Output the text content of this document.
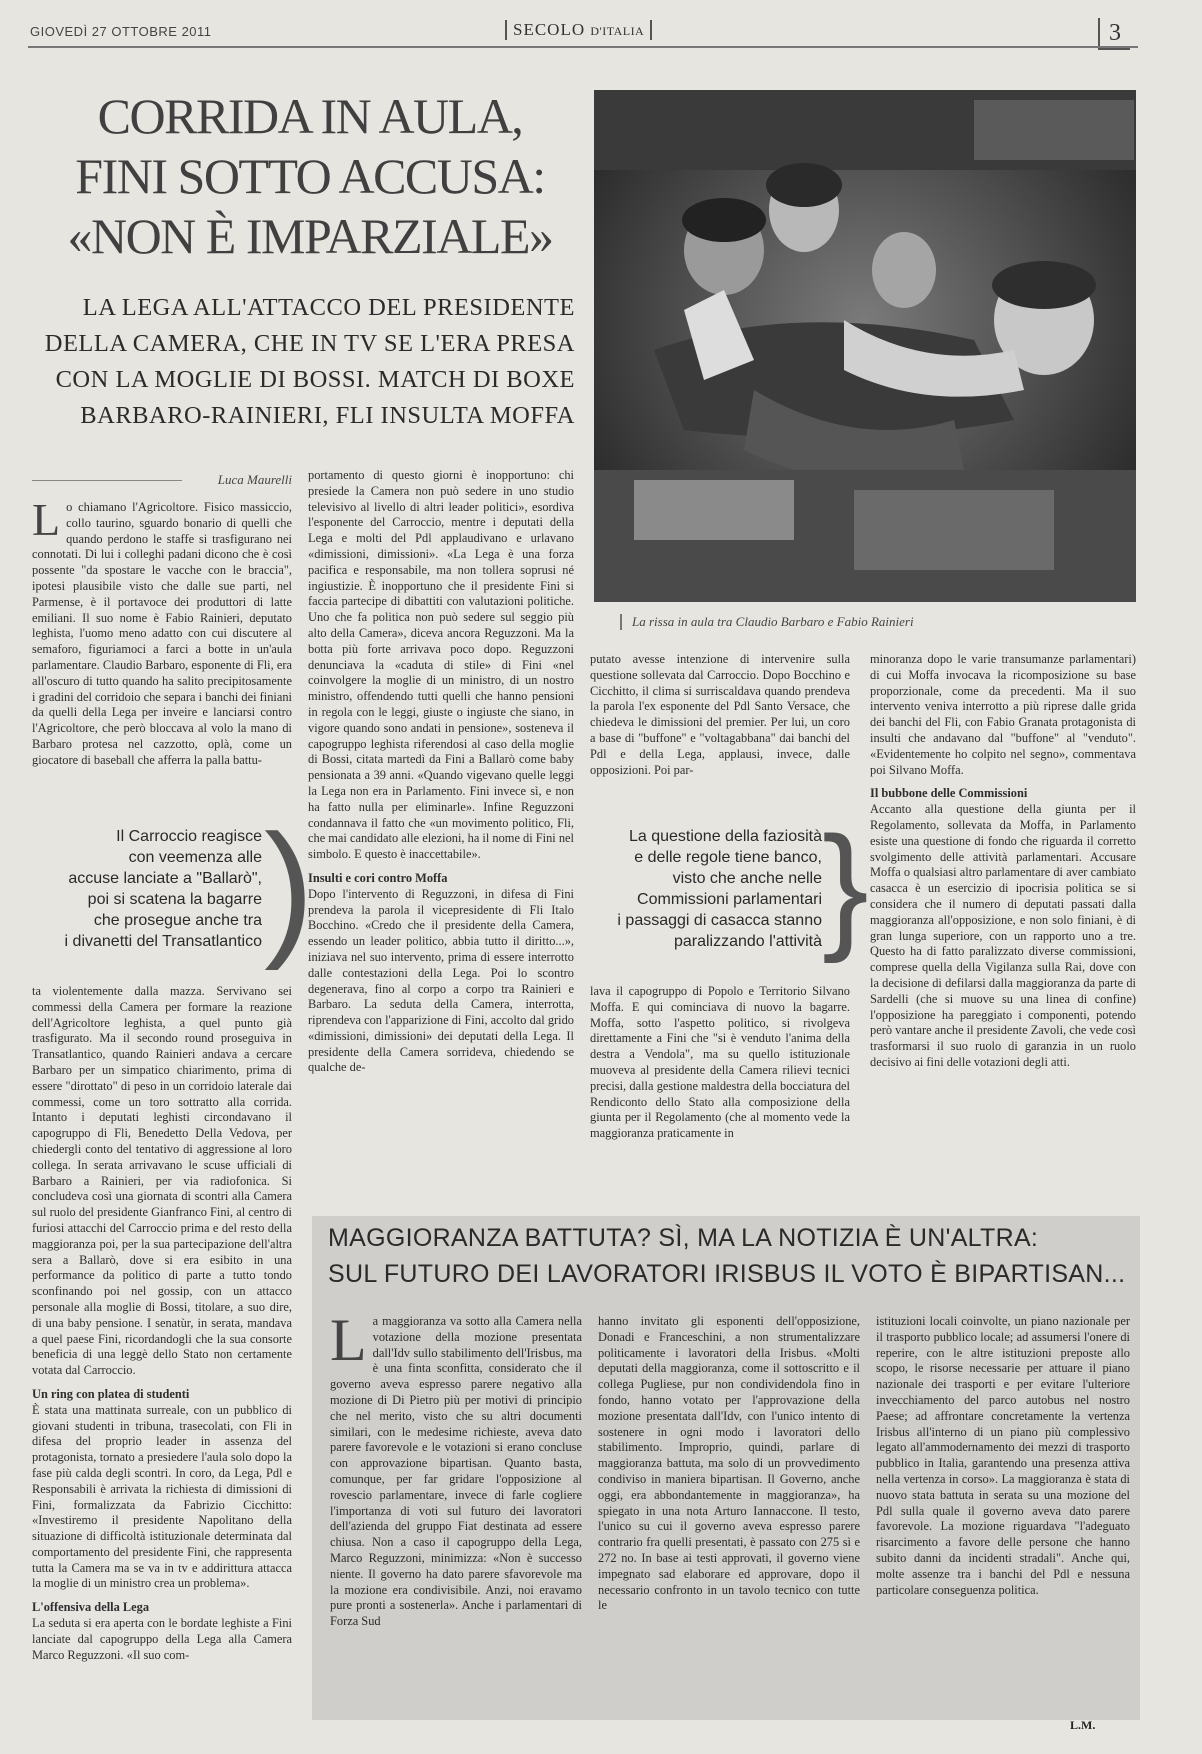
GIOVEDÌ 27 OTTOBRE 2011	SECOLO D'ITALIA	3
CORRIDA IN AULA,
FINI SOTTO ACCUSA:
«NON È IMPARZIALE»
LA LEGA ALL'ATTACCO DEL PRESIDENTE
DELLA CAMERA, CHE IN TV SE L'ERA PRESA
CON LA MOGLIE DI BOSSI. MATCH DI BOXE
BARBARO-RAINIERI, FLI INSULTA MOFFA
La rissa in aula tra Claudio Barbaro e Fabio Rainieri
Luca Maurelli

Lo chiamano l'Agricoltore. Fisico massiccio, collo taurino, sguardo bonario di quelli che quando perdono le staffe si trasfigurano nei connotati. Di lui i colleghi padani dicono che è così possente "da spostare le vacche con le braccia", ipotesi plausibile visto che dalle sue parti, nel Parmense, è il portavoce dei produttori di latte emiliani. Il suo nome è Fabio Rainieri, deputato leghista, l'uomo meno adatto con cui discutere al semaforo, figuriamoci a farci a botte in un'aula parlamentare. Claudio Barbaro, esponente di Fli, era all'oscuro di tutto quando ha salito precipitosamente i gradini del corridoio che separa i banchi dei finiani da quelli della Lega per inveire e lanciarsi contro l'Agricoltore, che però bloccava al volo la mano di Barbaro protesa nel cazzotto, oplà, come un giocatore di baseball che afferra la palla battu-

Il Carroccio reagisce
con veemenza alle
accuse lanciate a "Ballarò",
poi si scatena la bagarre
che prosegue anche tra
i divanetti del Transatlantico )

ta violentemente dalla mazza. Servivano sei commessi della Camera per formare la reazione dell'Agricoltore leghista, a quel punto già trasfigurato. Ma il secondo round proseguiva in Transatlantico, quando Rainieri andava a cercare Barbaro per un simpatico chiarimento, prima di essere "dirottato" di peso in un corridoio laterale dai commessi, come un toro sottratto alla corrida. Intanto i deputati leghisti circondavano il capogruppo di Fli, Benedetto Della Vedova, per chiedergli conto del tentativo di aggressione al loro collega. In serata arrivavano le scuse ufficiali di Barbaro a Rainieri, per via radiofonica. Si concludeva così una giornata di scontri alla Camera sul ruolo del presidente Gianfranco Fini, al centro di furiosi attacchi del Carroccio prima e del resto della maggioranza poi, per la sua partecipazione dell'altra sera a Ballarò, dove si era esibito in una performance da politico di parte a tutto tondo sconfinando poi nel gossip, con un attacco personale alla moglie di Bossi, titolare, a suo dire, di una baby pensione. I senatùr, in serata, mandava a quel paese Fini, ricordandogli che la sua consorte beneficia di una leggè dello Stato non certamente votata dal Carroccio.

Un ring con platea di studenti

È stata una mattinata surreale, con un pubblico di giovani studenti in tribuna, trasecolati, con Fli in difesa del proprio leader in assenza del protagonista, tornato a presiedere l'aula solo dopo la fase più calda degli scontri. In coro, da Lega, Pdl e Responsabili è arrivata la richiesta di dimissioni di Fini, formalizzata da Fabrizio Cicchitto: «Investiremo il presidente Napolitano della situazione di difficoltà istituzionale determinata dal comportamento del presidente Fini, che rappresenta tutta la Camera ma se va in tv e addirittura attacca la moglie di un ministro crea un problema».

L'offensiva della Lega

La seduta si era aperta con le bordate leghiste a Fini lanciate dal capogruppo della Lega alla Camera Marco Reguzzoni. «Il suo com-

portamento di questo giorni è inopportuno: chi presiede la Camera non può sedere in uno studio televisivo al livello di altri leader politici», esordiva l'esponente del Carroccio, mentre i deputati della Lega e molti del Pdl applaudivano e urlavano «dimissioni, dimissioni». «La Lega è una forza pacifica e responsabile, ma non tollera soprusi né ingiustizie. È inopportuno che il presidente Fini si faccia partecipe di dibattiti con valutazioni politiche. Uno che fa politica non può sedere sul seggio più alto della Camera», diceva ancora Reguzzoni. Ma la botta più forte arrivava poco dopo. Reguzzoni denunciava la «caduta di stile» di Fini «nel coinvolgere la moglie di un ministro, di un nostro ministro, offendendo tutti quelli che hanno pensioni in regola con le leggi, giuste o ingiuste che siano, in vigore quando sono andati in pensione», sosteneva il capogruppo leghista riferendosi al caso della moglie di Bossi, citata martedì da Fini a Ballarò come baby pensionata a 39 anni. «Quando vigevano quelle leggi la Lega non era in Parlamento. Fini invece sì, e non ha fatto nulla per eliminarle». Infine Reguzzoni condannava il fatto che «un movimento politico, Fli, che mai candidato alle elezioni, ha il nome di Fini nel simbolo. E questo è inaccettabile».

Insulti e cori contro Moffa

Dopo l'intervento di Reguzzoni, in difesa di Fini prendeva la parola il vicepresidente di Fli Italo Bocchino. «Credo che il presidente della Camera, essendo un leader politico, abbia tutto il diritto...», iniziava nel suo intervento, prima di essere interrotto dalle contestazioni della Lega. Poi lo scontro degenerava, fino al corpo a corpo tra Rainieri e Barbaro. La seduta della Camera, interrotta, riprendeva con l'apparizione di Fini, accolto dal grido «dimissioni, dimissioni» dei deputati della Lega. Il presidente della Camera sorrideva, chiedendo se qualche de-

putato avesse intenzione di intervenire sulla questione sollevata dal Carroccio. Dopo Bocchino e Cicchitto, il clima si surriscaldava quando prendeva la parola l'ex esponente del Pdl Santo Versace, che chiedeva le dimissioni del premier. Per lui, un coro a base di "buffone" e "voltagabbana" dai banchi del Pdl e della Lega, applausi, invece, dalle opposizioni. Poi par-

La questione della faziosità
e delle regole tiene banco,
visto che anche nelle
Commissioni parlamentari
i passaggi di casacca stanno
paralizzando l'attività }

lava il capogruppo di Popolo e Territorio Silvano Moffa. E qui cominciava di nuovo la bagarre. Moffa, sotto l'aspetto politico, si rivolgeva direttamente a Fini che "si è venduto l'anima della destra a Vendola", ma su quello istituzionale muoveva al presidente della Camera rilievi tecnici precisi, dalla gestione maldestra della bocciatura del Rendiconto dello Stato alla composizione della giunta per il Regolamento (che al momento vede la maggioranza praticamente in

minoranza dopo le varie transumanze parlamentari) di cui Moffa invocava la ricomposizione su base proporzionale, come da precedenti. Ma il suo intervento veniva interrotto a più riprese dalle grida dei banchi del Fli, con Fabio Granata protagonista di insulti che andavano dal "buffone" al "venduto". «Evidentemente ho colpito nel segno», commentava poi Silvano Moffa.

Il bubbone delle Commissioni

Accanto alla questione della giunta per il Regolamento, sollevata da Moffa, in Parlamento esiste una questione di fondo che riguarda il corretto svolgimento delle attività parlamentari. Accusare Moffa o qualsiasi altro parlamentare di aver cambiato casacca è un esercizio di ipocrisia politica se si considera che il numero di deputati passati dalla maggioranza all'opposizione, e non solo finiani, è di gran lunga superiore, con un rapporto uno a tre. Questo ha di fatto paralizzato diverse commissioni, comprese quella della Vigilanza sulla Rai, dove con la decisione di defilarsi dalla maggioranza da parte di Sardelli (che si muove su una linea di confine) l'opposizione ha pareggiato i componenti, potendo però vantare anche il presidente Zavoli, che vede così trasformarsi il suo ruolo di garanzia in un ruolo decisivo ai fini delle votazioni degli atti.

MAGGIORANZA BATTUTA? SÌ, MA LA NOTIZIA È UN'ALTRA:
SUL FUTURO DEI LAVORATORI IRISBUS IL VOTO È BIPARTISAN...

La maggioranza va sotto alla Camera nella votazione della mozione presentata dall'Idv sullo stabilimento dell'Irisbus, ma è una finta sconfitta, considerato che il governo aveva espresso parere negativo alla mozione di Di Pietro più per motivi di principio che nel merito, visto che su altri documenti similari, con le medesime richieste, aveva dato parere favorevole e le votazioni si erano concluse con approvazione bipartisan. Quanto basta, comunque, per far gridare l'opposizione al rovescio parlamentare, invece di farle cogliere l'importanza di voti sul futuro dei lavoratori dell'azienda del gruppo Fiat destinata ad essere chiusa. Non a caso il capogruppo della Lega, Marco Reguzzoni, minimizza: «Non è successo niente. Il governo ha dato parere sfavorevole ma la mozione era condivisibile. Anzi, noi eravamo pure pronti a sostenerla». Anche i parlamentari di Forza Sud

hanno invitato gli esponenti dell'opposizione, Donadi e Franceschini, a non strumentalizzare politicamente i lavoratori della Irisbus. «Molti deputati della maggioranza, come il sottoscritto e il collega Pugliese, pur non condividendola fino in fondo, hanno votato per l'approvazione della mozione presentata dall'Idv, con l'unico intento di sostenere in ogni modo i lavoratori dello stabilimento. Improprio, quindi, parlare di maggioranza battuta, ma solo di un provvedimento condiviso in maniera bipartisan. Il Governo, anche oggi, era abbondantemente in maggioranza», ha spiegato in una nota Arturo Iannaccone. Il testo, l'unico su cui il governo aveva espresso parere contrario fra quelli presentati, è passato con 275 sì e 272 no. In base ai testi approvati, il governo viene impegnato sad elaborare ed approvare, dopo il necessario confronto in un tavolo tecnico con tutte le

istituzioni locali coinvolte, un piano nazionale per il trasporto pubblico locale; ad assumersi l'onere di reperire, con le altre istituzioni preposte allo scopo, le risorse necessarie per attuare il piano nazionale dei trasporti e per evitare l'ulteriore invecchiamento del parco autobus nel nostro Paese; ad affrontare concretamente la vertenza Irisbus all'interno di un piano più complessivo legato all'ammodernamento dei mezzi di trasporto pubblico in Italia, garantendo una presenza attiva nella vertenza in corso». La maggioranza è stata di nuovo stata battuta in serata su una mozione del Pdl sulla quale il governo aveva dato parere favorevole. La mozione riguardava "l'adeguato risarcimento a favore delle persone che hanno subito danni da incidenti stradali". Anche qui, molte assenze tra i banchi del Pdl e nessuna particolare conseguenza politica.

L.M.
